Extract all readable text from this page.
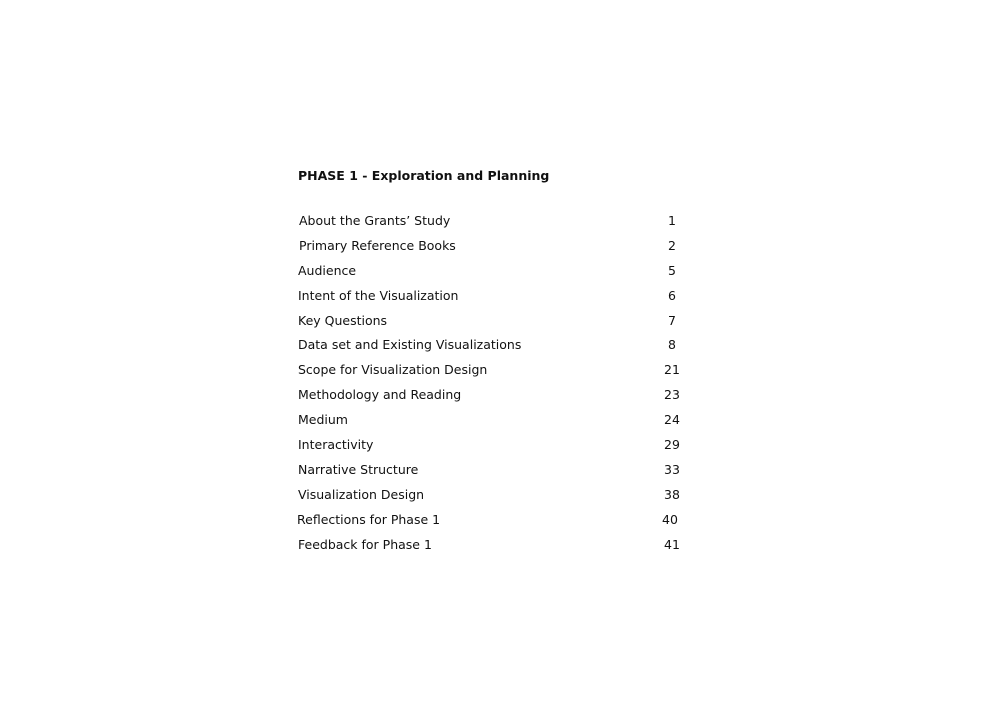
PHASE 1 - Exploration and Planning
About the Grants’ Study	1
Primary Reference Books	2
Audience	5
Intent of the Visualization	6
Key Questions	7
Data set and Existing Visualizations	8
Scope for Visualization Design	21
Methodology and Reading	23
Medium	24
Interactivity	29
Narrative Structure	33
Visualization Design	38
Reflections for Phase 1	40
Feedback for Phase 1	41
